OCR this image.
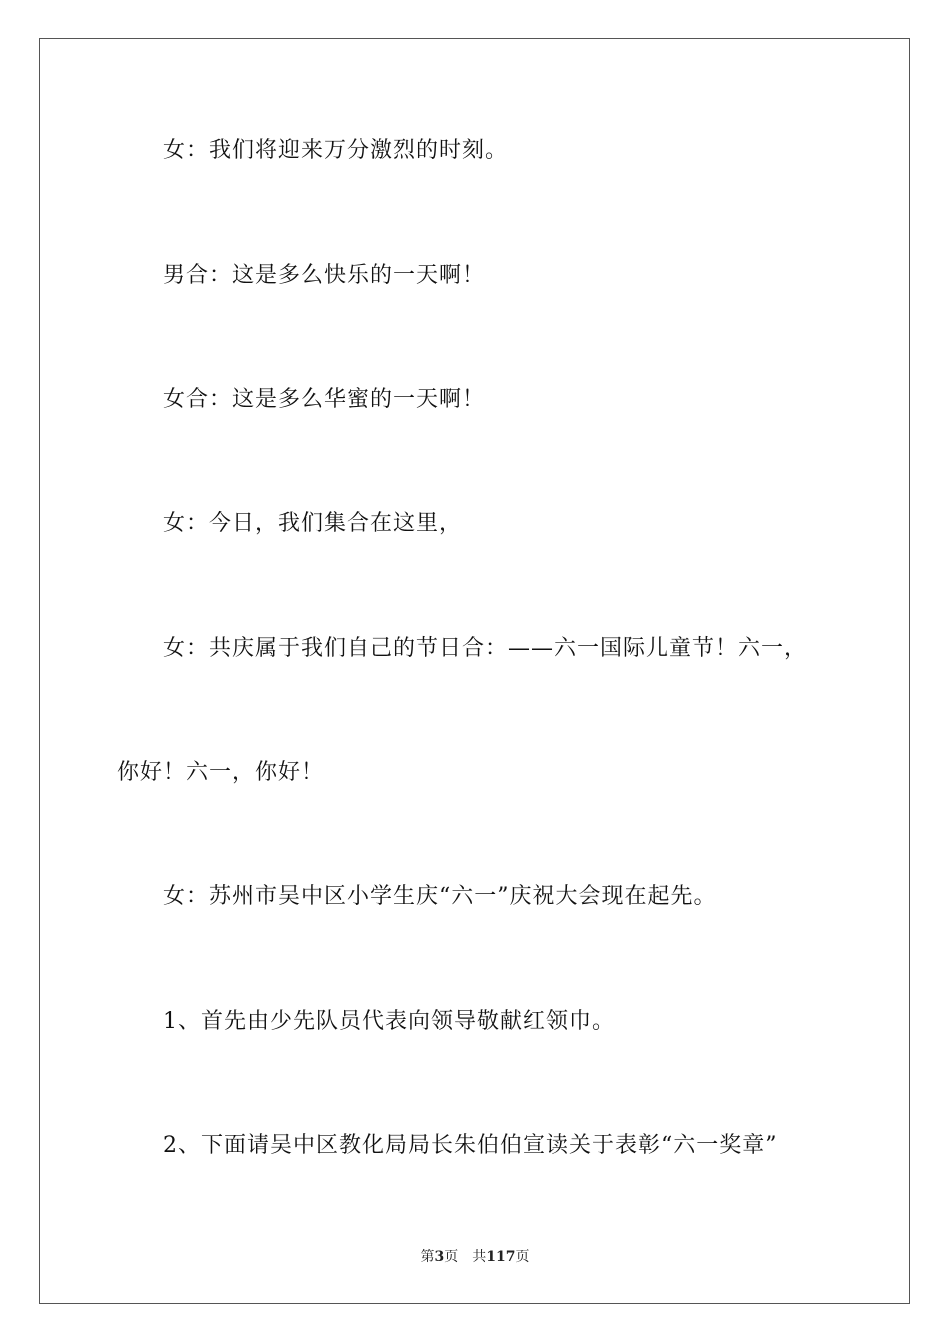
女：我们将迎来万分激烈的时刻。
男合：这是多么快乐的一天啊！
女合：这是多么华蜜的一天啊！
女：今日，我们集合在这里，
女：共庆属于我们自己的节日合：——六一国际儿童节！六一，
你好！六一，你好！
女：苏州市吴中区小学生庆“六一”庆祝大会现在起先。
1、首先由少先队员代表向领导敬献红领巾。
2、下面请吴中区教化局局长朱伯伯宣读关于表彰“六一奖章”
第3页 共117页
